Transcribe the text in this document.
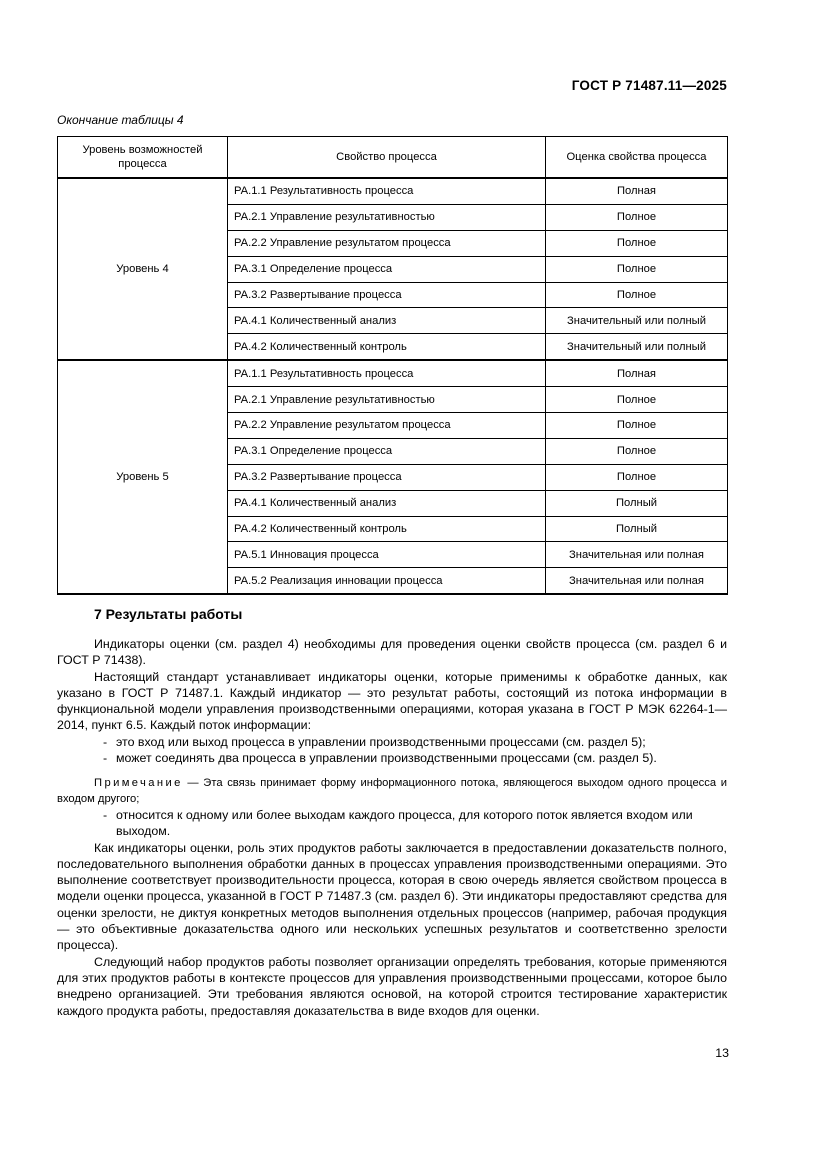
ГОСТ Р 71487.11—2025
Окончание таблицы 4
Уровень возможностей процесса	Свойство процесса	Оценка свойства процесса
Уровень 4	PA.1.1 Результативность процесса	Полная
	PA.2.1 Управление результативностью	Полное
	PA.2.2 Управление результатом процесса	Полное
	PA.3.1 Определение процесса	Полное
	PA.3.2 Развертывание процесса	Полное
	PA.4.1 Количественный анализ	Значительный или полный
	PA.4.2 Количественный контроль	Значительный или полный
Уровень 5	PA.1.1 Результативность процесса	Полная
	PA.2.1 Управление результативностью	Полное
	PA.2.2 Управление результатом процесса	Полное
	PA.3.1 Определение процесса	Полное
	PA.3.2 Развертывание процесса	Полное
	PA.4.1 Количественный анализ	Полный
	PA.4.2 Количественный контроль	Полный
	PA.5.1 Инновация процесса	Значительная или полная
	PA.5.2 Реализация инновации процесса	Значительная или полная
7 Результаты работы

Индикаторы оценки (см. раздел 4) необходимы для проведения оценки свойств процесса (см. раздел 6 и ГОСТ Р 71438).

Настоящий стандарт устанавливает индикаторы оценки, которые применимы к обработке данных, как указано в ГОСТ Р 71487.1. Каждый индикатор — это результат работы, состоящий из потока информации в функциональной модели управления производственными операциями, которая указана в ГОСТ Р МЭК 62264-1—2014, пункт 6.5. Каждый поток информации:

- это вход или выход процесса в управлении производственными процессами (см. раздел 5);
- может соединять два процесса в управлении производственными процессами (см. раздел 5).

Примечание — Эта связь принимает форму информационного потока, являющегося выходом одного процесса и входом другого;

- относится к одному или более выходам каждого процесса, для которого поток является входом или выходом.

Как индикаторы оценки, роль этих продуктов работы заключается в предоставлении доказательств полного, последовательного выполнения обработки данных в процессах управления производственными операциями. Это выполнение соответствует производительности процесса, которая в свою очередь является свойством процесса в модели оценки процесса, указанной в ГОСТ Р 71487.3 (см. раздел 6). Эти индикаторы предоставляют средства для оценки зрелости, не диктуя конкретных методов выполнения отдельных процессов (например, рабочая продукция — это объективные доказательства одного или нескольких успешных результатов и соответственно зрелости процесса).

Следующий набор продуктов работы позволяет организации определять требования, которые применяются для этих продуктов работы в контексте процессов для управления производственными процессами, которое было внедрено организацией. Эти требования являются основой, на которой строится тестирование характеристик каждого продукта работы, предоставляя доказательства в виде входов для оценки.

13
